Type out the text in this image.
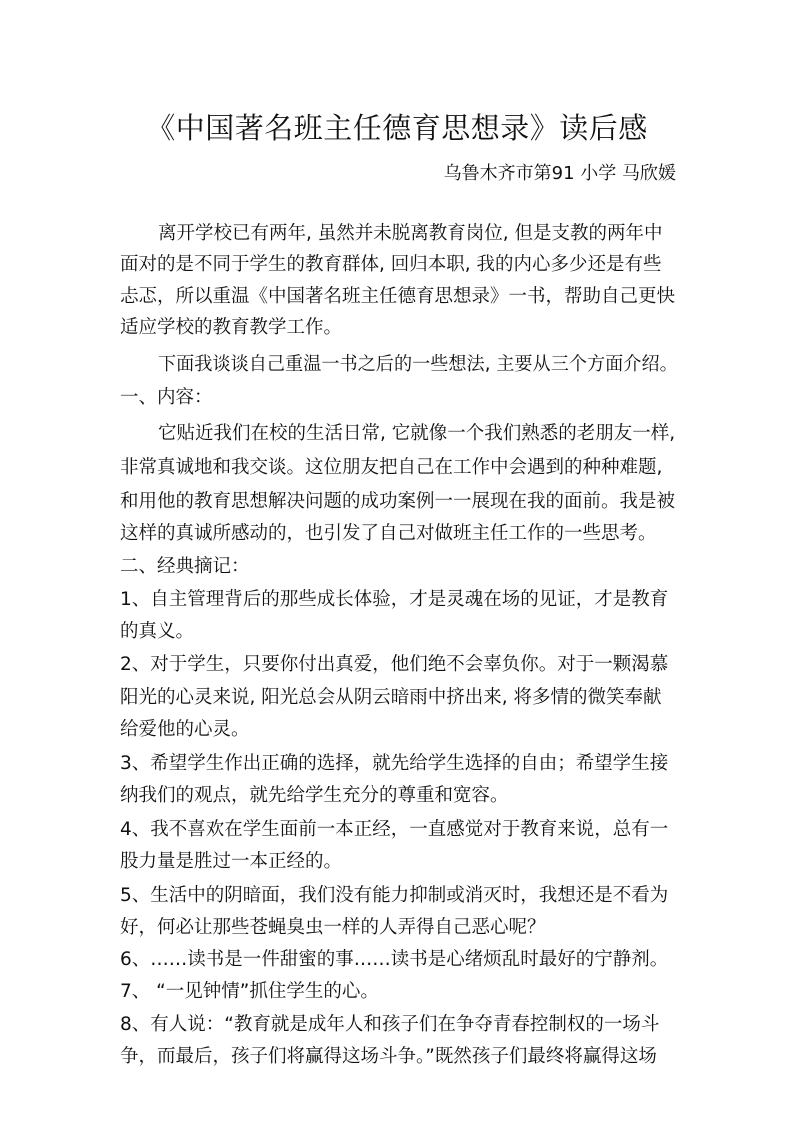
《中国著名班主任德育思想录》读后感
乌鲁木齐市第91 小学 马欣媛
离开学校已有两年, 虽然并未脱离教育岗位, 但是支教的两年中
面对的是不同于学生的教育群体, 回归本职, 我的内心多少还是有些
忐忑，所以重温《中国著名班主任德育思想录》一书，帮助自己更快
适应学校的教育教学工作。
下面我谈谈自己重温一书之后的一些想法, 主要从三个方面介绍。
一、内容：
它贴近我们在校的生活日常, 它就像一个我们熟悉的老朋友一样,
非常真诚地和我交谈。这位朋友把自己在工作中会遇到的种种难题,
和用他的教育思想解决问题的成功案例一一展现在我的面前。我是被
这样的真诚所感动的，也引发了自己对做班主任工作的一些思考。
二、经典摘记：
1、自主管理背后的那些成长体验，才是灵魂在场的见证，才是教育
的真义。
2、对于学生，只要你付出真爱，他们绝不会辜负你。对于一颗渴慕
阳光的心灵来说, 阳光总会从阴云暗雨中挤出来, 将多情的微笑奉献
给爱他的心灵。
3、希望学生作出正确的选择，就先给学生选择的自由；希望学生接
纳我们的观点，就先给学生充分的尊重和宽容。
4、我不喜欢在学生面前一本正经，一直感觉对于教育来说，总有一
股力量是胜过一本正经的。
5、生活中的阴暗面，我们没有能力抑制或消灭时，我想还是不看为
好，何必让那些苍蝇臭虫一样的人弄得自己恶心呢？
6、……读书是一件甜蜜的事……读书是心绪烦乱时最好的宁静剂。
7、 “一见钟情”抓住学生的心。
8、有人说：“教育就是成年人和孩子们在争夺青春控制权的一场斗
争，而最后，孩子们将赢得这场斗争。”既然孩子们最终将赢得这场
